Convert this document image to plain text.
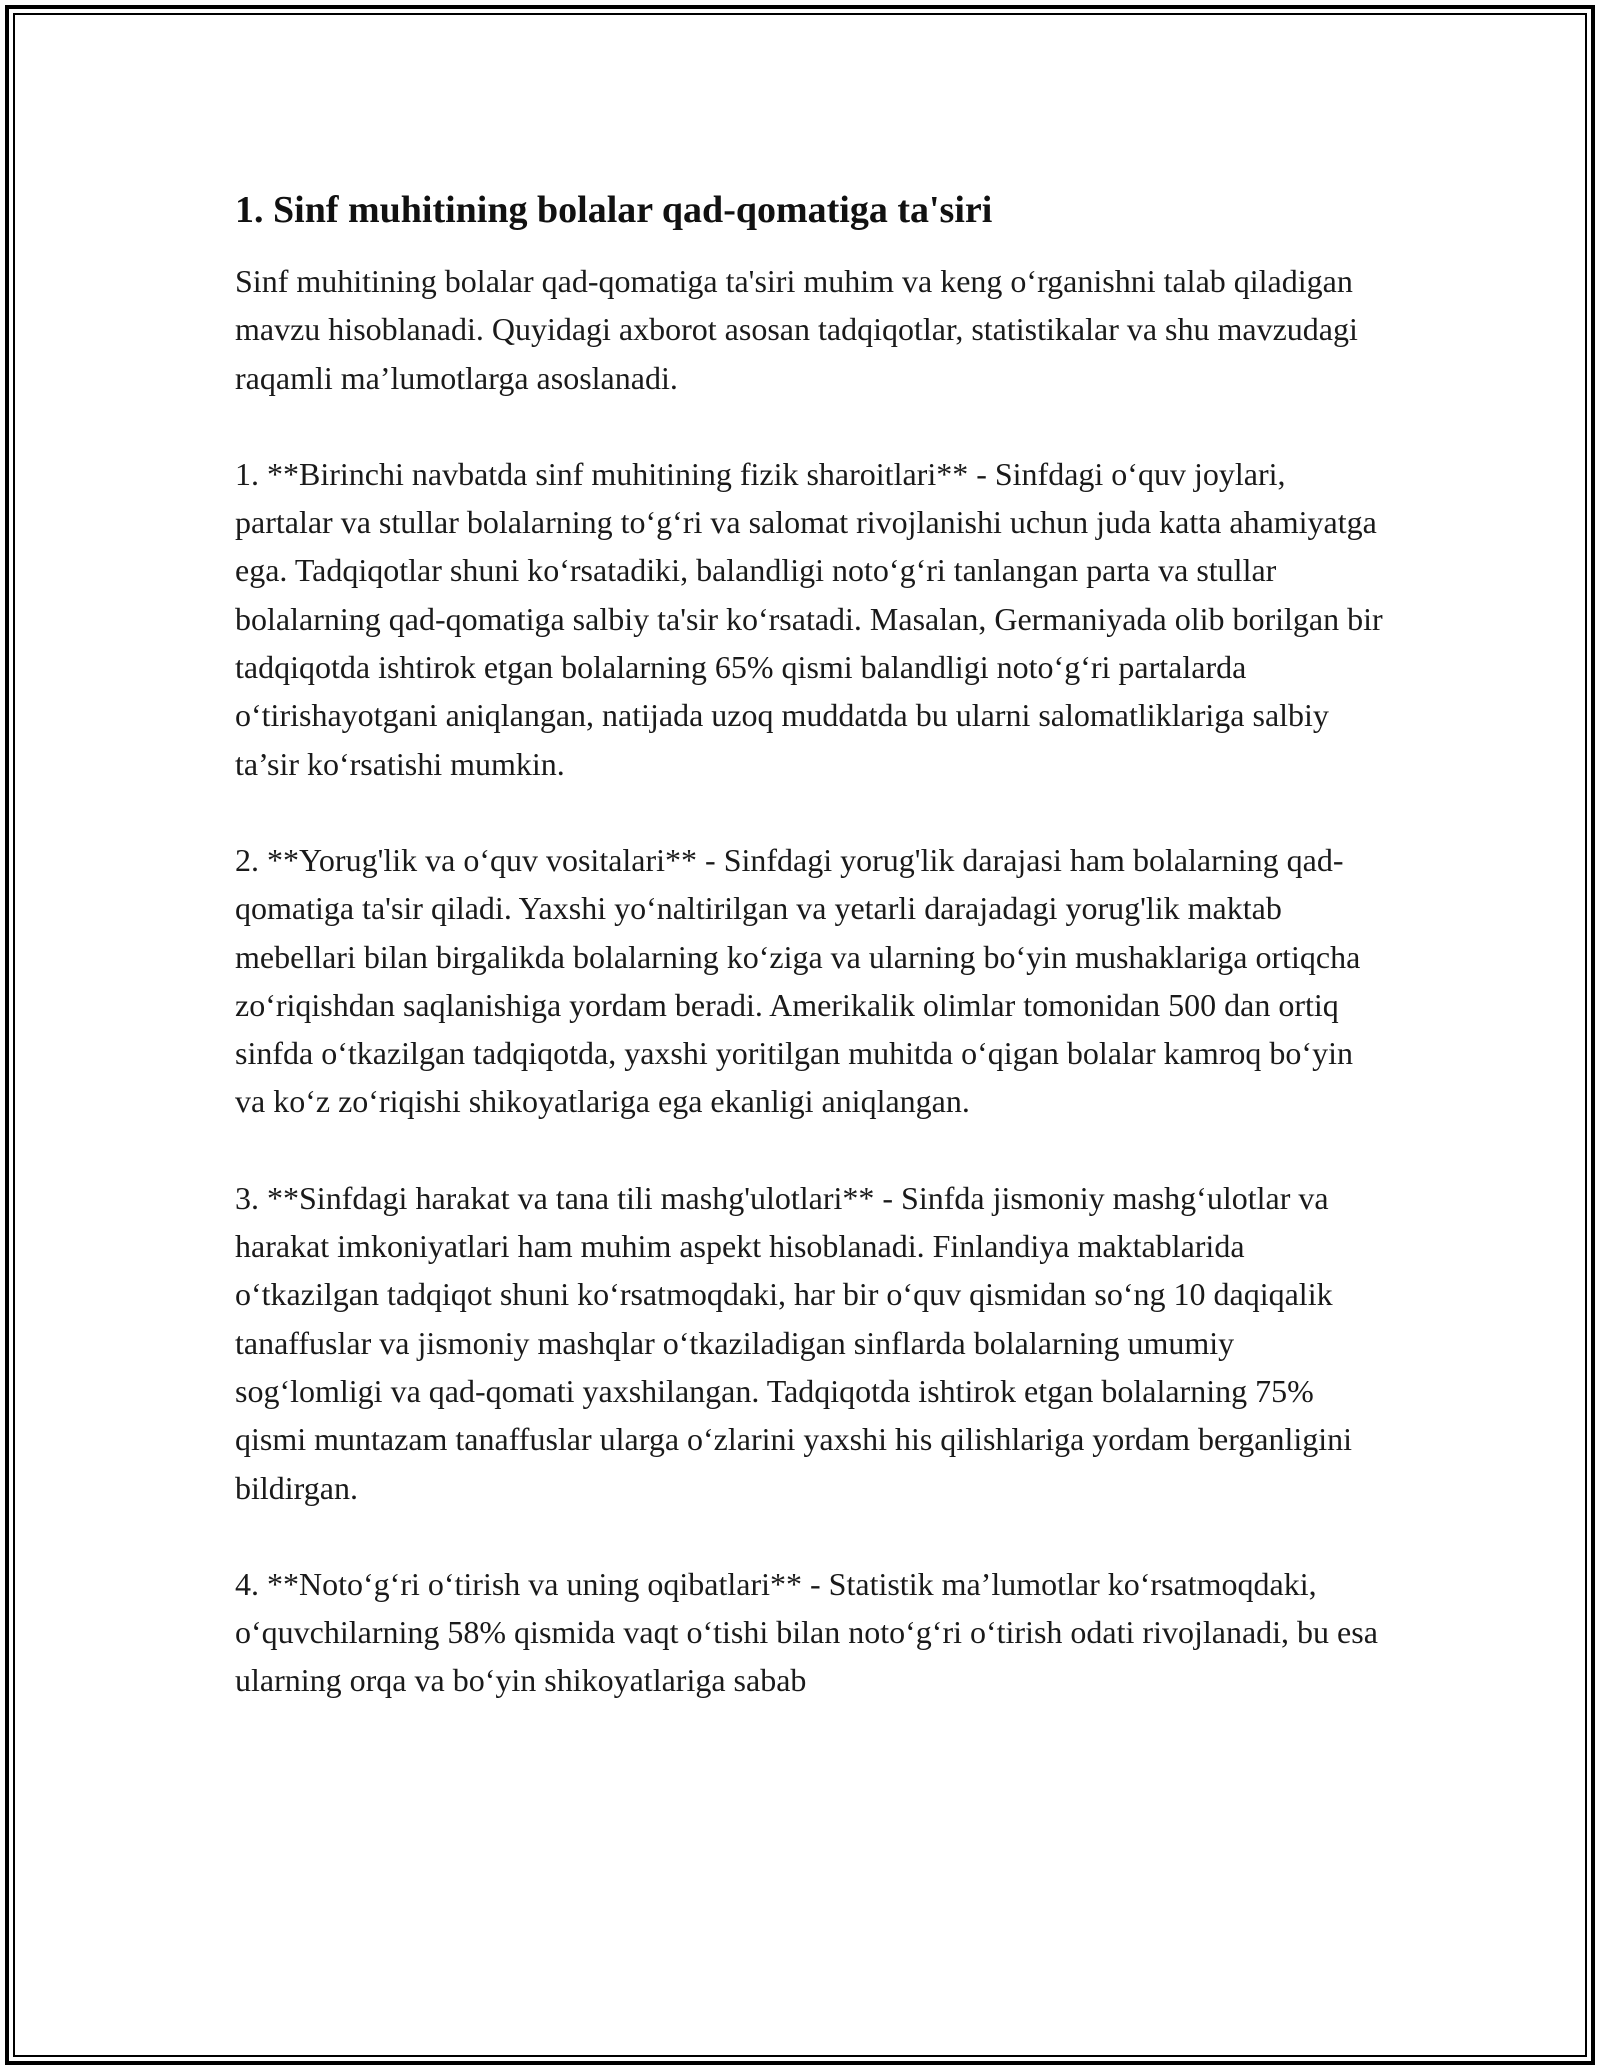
1. Sinf muhitining bolalar qad-qomatiga ta'siri

Sinf muhitining bolalar qad-qomatiga ta'siri muhim va keng o‘rganishni talab qiladigan mavzu hisoblanadi. Quyidagi axborot asosan tadqiqotlar, statistikalar va shu mavzudagi raqamli ma’lumotlarga asoslanadi.

1. **Birinchi navbatda sinf muhitining fizik sharoitlari** - Sinfdagi o‘quv joylari, partalar va stullar bolalarning to‘g‘ri va salomat rivojlanishi uchun juda katta ahamiyatga ega. Tadqiqotlar shuni ko‘rsatadiki, balandligi noto‘g‘ri tanlangan parta va stullar bolalarning qad-qomatiga salbiy ta'sir ko‘rsatadi. Masalan, Germaniyada olib borilgan bir tadqiqotda ishtirok etgan bolalarning 65% qismi balandligi noto‘g‘ri partalarda o‘tirishayotgani aniqlangan, natijada uzoq muddatda bu ularni salomatliklariga salbiy ta’sir ko‘rsatishi mumkin.

2. **Yorug'lik va o‘quv vositalari** - Sinfdagi yorug'lik darajasi ham bolalarning qad-qomatiga ta'sir qiladi. Yaxshi yo‘naltirilgan va yetarli darajadagi yorug'lik maktab mebellari bilan birgalikda bolalarning ko‘ziga va ularning bo‘yin mushaklariga ortiqcha zo‘riqishdan saqlanishiga yordam beradi. Amerikalik olimlar tomonidan 500 dan ortiq sinfda o‘tkazilgan tadqiqotda, yaxshi yoritilgan muhitda o‘qigan bolalar kamroq bo‘yin va ko‘z zo‘riqishi shikoyatlariga ega ekanligi aniqlangan.

3. **Sinfdagi harakat va tana tili mashg'ulotlari** - Sinfda jismoniy mashg‘ulotlar va harakat imkoniyatlari ham muhim aspekt hisoblanadi. Finlandiya maktablarida o‘tkazilgan tadqiqot shuni ko‘rsatmoqdaki, har bir o‘quv qismidan so‘ng 10 daqiqalik tanaffuslar va jismoniy mashqlar o‘tkaziladigan sinflarda bolalarning umumiy sog‘lomligi va qad-qomati yaxshilangan. Tadqiqotda ishtirok etgan bolalarning 75% qismi muntazam tanaffuslar ularga o‘zlarini yaxshi his qilishlariga yordam berganligini bildirgan.

4. **Noto‘g‘ri o‘tirish va uning oqibatlari** - Statistik ma’lumotlar ko‘rsatmoqdaki, o‘quvchilarning 58% qismida vaqt o‘tishi bilan noto‘g‘ri o‘tirish odati rivojlanadi, bu esa ularning orqa va bo‘yin shikoyatlariga sabab
